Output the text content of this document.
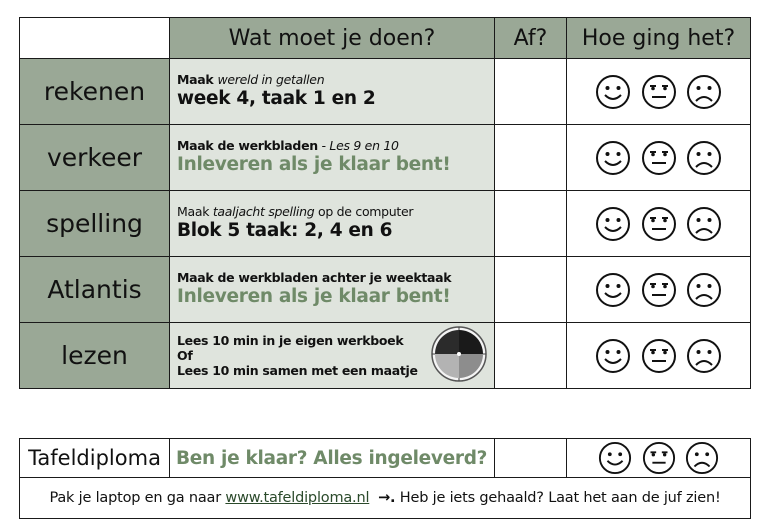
	Wat moet je doen?	Af?	Hoe ging het?
rekenen	Maak wereld in getallen
week 4, taak 1 en 2

verkeer	Maak de werkbladen - Les 9 en 10
Inleveren als je klaar bent!

spelling	Maak taaljacht spelling op de computer
Blok 5 taak: 2, 4 en 6

Atlantis	Maak de werkbladen achter je weektaak
Inleveren als je klaar bent!

lezen	Lees 10 min in je eigen werkboek
Of
Lees 10 min samen met een maatje

Tafeldiploma	Ben je klaar? Alles ingeleverd?		
Pak je laptop en ga naar www.tafeldiploma.nl →. Heb je iets gehaald? Laat het aan de juf zien!
